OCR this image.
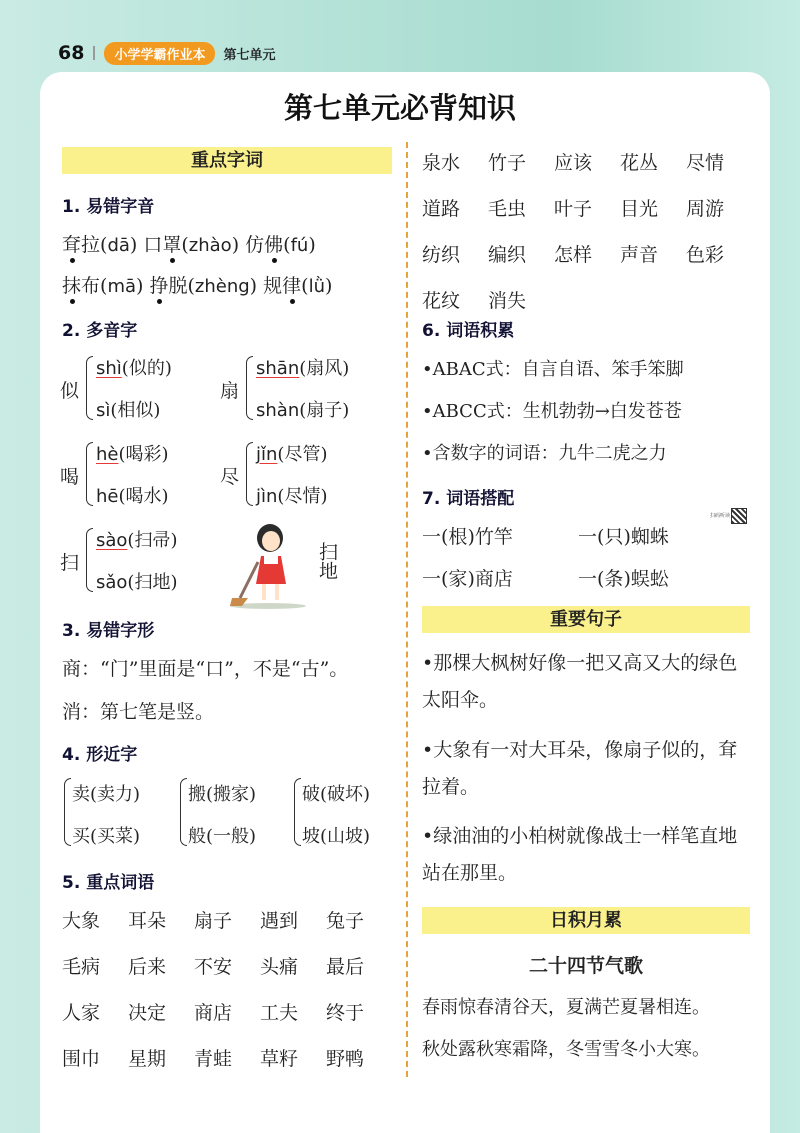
68	小学学霸作业本	第七单元
第七单元必背知识
重点字词
1. 易错字音
耷拉(dā) 口罩(zhào) 仿佛(fú)
抹布(mā) 挣脱(zhèng) 规律(lǜ)
2. 多音字
似
shì(似的)
sì(相似)
扇
shān(扇风)
shàn(扇子)
喝
hè(喝彩)
hē(喝水)
尽
jǐn(尽管)
jìn(尽情)
扫
sào(扫帚)
sǎo(扫地)
扫地
3. 易错字形
商：“门”里面是“口”，不是“古”。
消：第七笔是竖。
4. 形近字
卖(卖力)
买(买菜)
搬(搬家)
般(一般)
破(破坏)
坡(山坡)
5. 重点词语
大象	耳朵	扇子	遇到	兔子
毛病	后来	不安	头痛	最后
人家	决定	商店	工夫	终于
围巾	星期	青蛙	草籽	野鸭
泉水	竹子	应该	花丛	尽情
道路	毛虫	叶子	目光	周游
纺织	编织	怎样	声音	色彩
花纹	消失
6. 词语积累
•ABAC式：自言自语、笨手笨脚
•ABCC式：生机勃勃→白发苍苍
•含数字的词语：九牛二虎之力
7. 词语搭配
扫码听读
一(根)竹竿	一(只)蜘蛛
一(家)商店	一(条)蜈蚣
重要句子
•那棵大枫树好像一把又高又大的绿色太阳伞。
•大象有一对大耳朵，像扇子似的，耷拉着。
•绿油油的小柏树就像战士一样笔直地站在那里。
日积月累
二十四节气歌
春雨惊春清谷天，夏满芒夏暑相连。
秋处露秋寒霜降，冬雪雪冬小大寒。
